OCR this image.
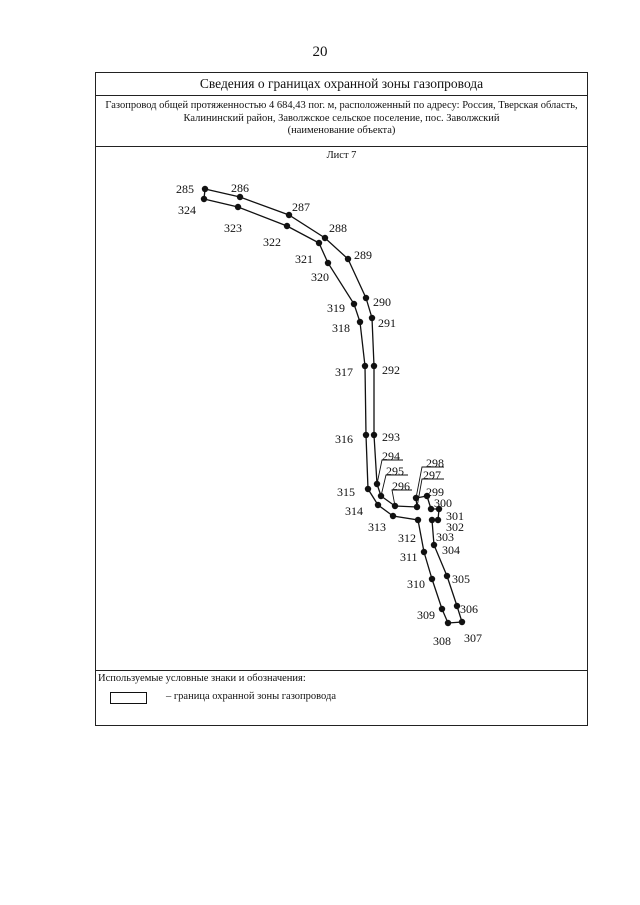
20
Сведения о границах охранной зоны газопровода
Газопровод общей протяженностью 4 684,43 пог. м, расположенный по адресу: Россия, Тверская область,
Калининский район, Заволжское сельское поселение, пос. Заволжский
(наименование объекта)
Лист 7
285	286
287
288
289
290
291
292
293
294
295
296
297
298
299
300
301
302
303
304
305
306
307
308
309
310
311
312
313
314
315
316
317
318
319
320
321
322
323
324
Используемые условные знаки и обозначения:
– граница охранной зоны газопровода
